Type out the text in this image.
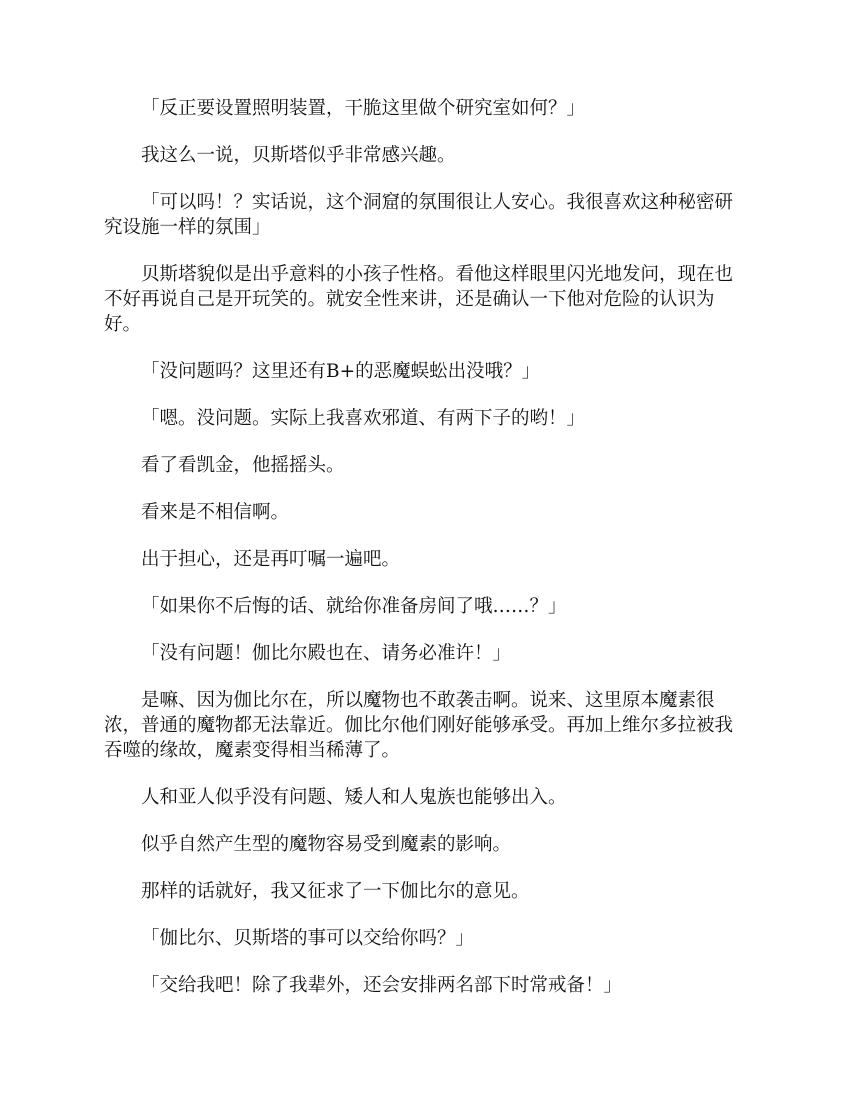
「反正要设置照明装置，干脆这里做个研究室如何？」

我这么一说，贝斯塔似乎非常感兴趣。

「可以吗！？实话说，这个洞窟的氛围很让人安心。我很喜欢这种秘密研究设施一样的氛围」

贝斯塔貌似是出乎意料的小孩子性格。看他这样眼里闪光地发问，现在也不好再说自己是开玩笑的。就安全性来讲，还是确认一下他对危险的认识为好。

「没问题吗？这里还有B+的恶魔蜈蚣出没哦？」

「嗯。没问题。实际上我喜欢邪道、有两下子的哟！」

看了看凯金，他摇摇头。

看来是不相信啊。

出于担心，还是再叮嘱一遍吧。

「如果你不后悔的话、就给你准备房间了哦……？」

「没有问题！伽比尔殿也在、请务必准许！」

是嘛、因为伽比尔在，所以魔物也不敢袭击啊。说来、这里原本魔素很浓，普通的魔物都无法靠近。伽比尔他们刚好能够承受。再加上维尔多拉被我吞噬的缘故，魔素变得相当稀薄了。

人和亚人似乎没有问题、矮人和人鬼族也能够出入。

似乎自然产生型的魔物容易受到魔素的影响。

那样的话就好，我又征求了一下伽比尔的意见。

「伽比尔、贝斯塔的事可以交给你吗？」

「交给我吧！除了我辈外，还会安排两名部下时常戒备！」
